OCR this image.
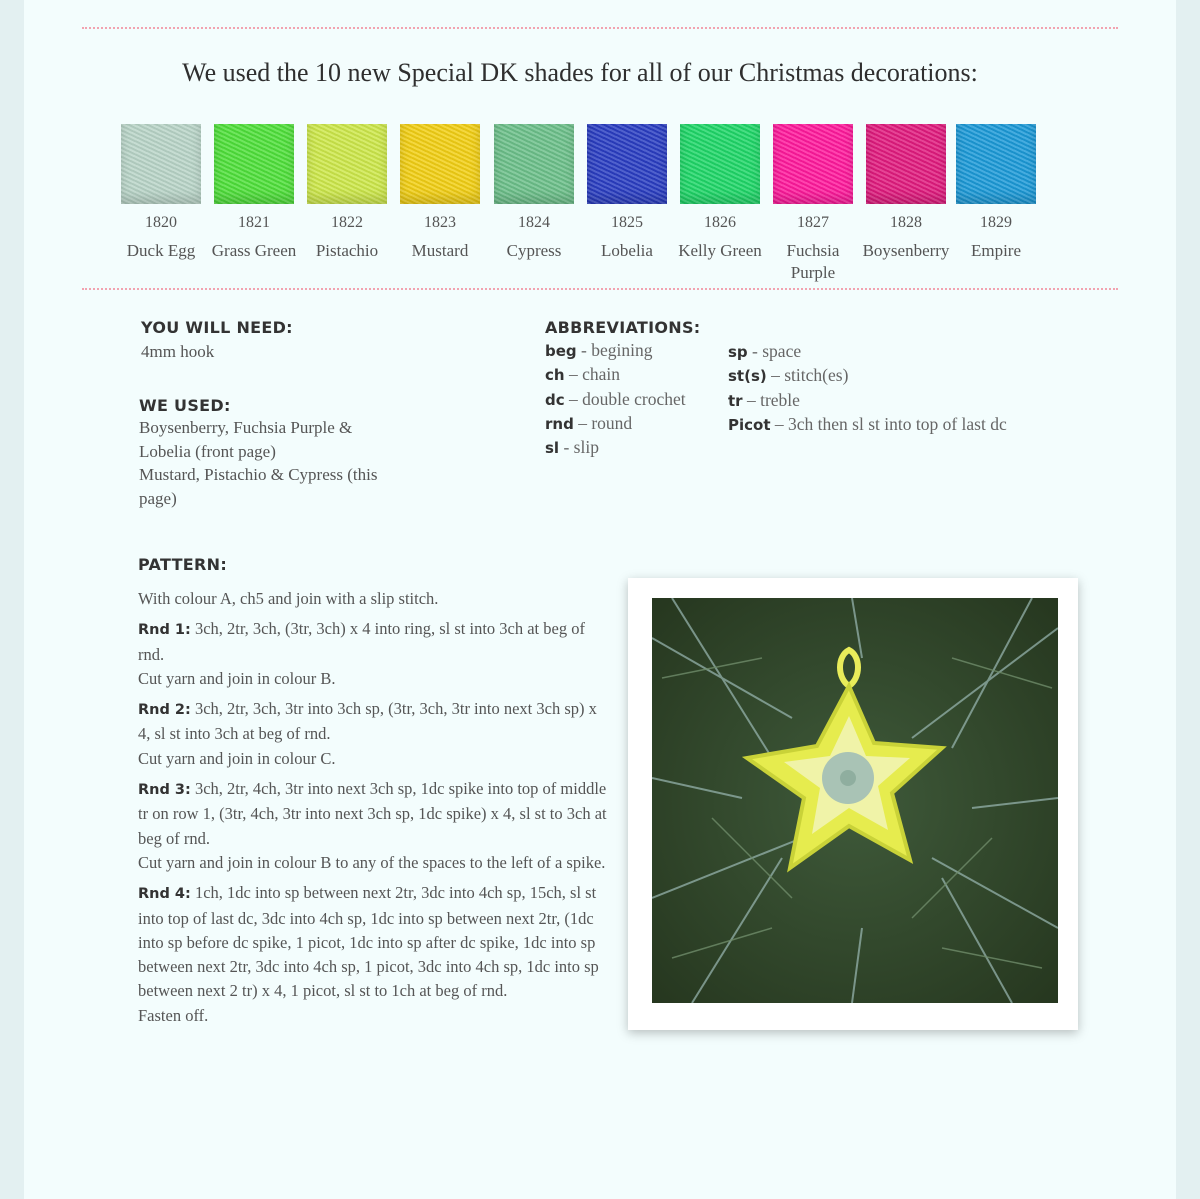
We used the 10 new Special DK shades for all of our Christmas decorations:
1820
Duck Egg
1821
Grass Green
1822
Pistachio
1823
Mustard
1824
Cypress
1825
Lobelia
1826
Kelly Green
1827
Fuchsia Purple
1828
Boysenberry
1829
Empire
YOU WILL NEED:
4mm hook
WE USED:
Boysenberry, Fuchsia Purple &
Lobelia (front page)
Mustard, Pistachio & Cypress (this
page)
ABBREVIATIONS:
beg - begining
ch – chain
dc – double crochet
rnd – round
sl - slip
sp - space
st(s) – stitch(es)
tr – treble
Picot – 3ch then sl st into top of last dc
PATTERN:

With colour A, ch5 and join with a slip stitch.

Rnd 1: 3ch, 2tr, 3ch, (3tr, 3ch) x 4 into ring, sl st into 3ch at beg of rnd.
Cut yarn and join in colour B.

Rnd 2: 3ch, 2tr, 3ch, 3tr into 3ch sp, (3tr, 3ch, 3tr into next 3ch sp) x 4, sl st into 3ch at beg of rnd.
Cut yarn and join in colour C.

Rnd 3: 3ch, 2tr, 4ch, 3tr into next 3ch sp, 1dc spike into top of middle tr on row 1, (3tr, 4ch, 3tr into next 3ch sp, 1dc spike) x 4, sl st to 3ch at beg of rnd.
Cut yarn and join in colour B to any of the spaces to the left of a spike.

Rnd 4: 1ch, 1dc into sp between next 2tr, 3dc into 4ch sp, 15ch, sl st into top of last dc, 3dc into 4ch sp, 1dc into sp between next 2tr, (1dc into sp before dc spike, 1 picot, 1dc into sp after dc spike, 1dc into sp between next 2tr, 3dc into 4ch sp, 1 picot, 3dc into 4ch sp, 1dc into sp between next 2 tr) x 4, 1 picot, sl st to 1ch at beg of rnd.
Fasten off.
